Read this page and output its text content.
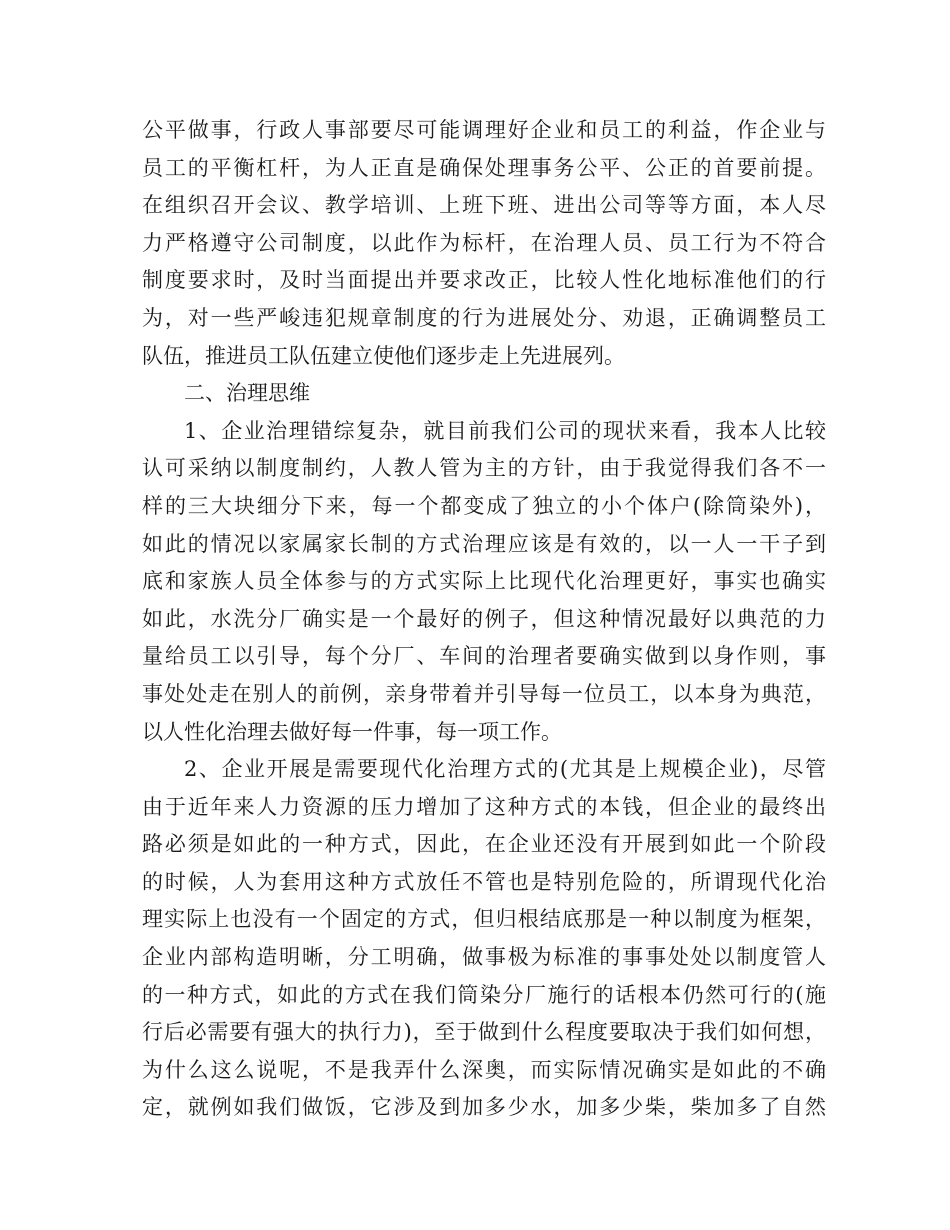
公平做事，行政人事部要尽可能调理好企业和员工的利益，作企业与
员工的平衡杠杆，为人正直是确保处理事务公平、公正的首要前提。
在组织召开会议、教学培训、上班下班、进出公司等等方面，本人尽
力严格遵守公司制度，以此作为标杆，在治理人员、员工行为不符合
制度要求时，及时当面提出并要求改正，比较人性化地标准他们的行
为，对一些严峻违犯规章制度的行为进展处分、劝退，正确调整员工
队伍，推进员工队伍建立使他们逐步走上先进展列。
二、治理思维
1、企业治理错综复杂，就目前我们公司的现状来看，我本人比较
认可采纳以制度制约，人教人管为主的方针，由于我觉得我们各不一
样的三大块细分下来，每一个都变成了独立的小个体户(除筒染外)，
如此的情况以家属家长制的方式治理应该是有效的，以一人一干子到
底和家族人员全体参与的方式实际上比现代化治理更好，事实也确实
如此，水洗分厂确实是一个最好的例子，但这种情况最好以典范的力
量给员工以引导，每个分厂、车间的治理者要确实做到以身作则，事
事处处走在别人的前例，亲身带着并引导每一位员工，以本身为典范，
以人性化治理去做好每一件事，每一项工作。
2、企业开展是需要现代化治理方式的(尤其是上规模企业)，尽管
由于近年来人力资源的压力增加了这种方式的本钱，但企业的最终出
路必须是如此的一种方式，因此，在企业还没有开展到如此一个阶段
的时候，人为套用这种方式放任不管也是特别危险的，所谓现代化治
理实际上也没有一个固定的方式，但归根结底那是一种以制度为框架，
企业内部构造明晰，分工明确，做事极为标准的事事处处以制度管人
的一种方式，如此的方式在我们筒染分厂施行的话根本仍然可行的(施
行后必需要有强大的执行力)，至于做到什么程度要取决于我们如何想，
为什么这么说呢，不是我弄什么深奥，而实际情况确实是如此的不确
定，就例如我们做饭，它涉及到加多少水，加多少柴，柴加多了自然
